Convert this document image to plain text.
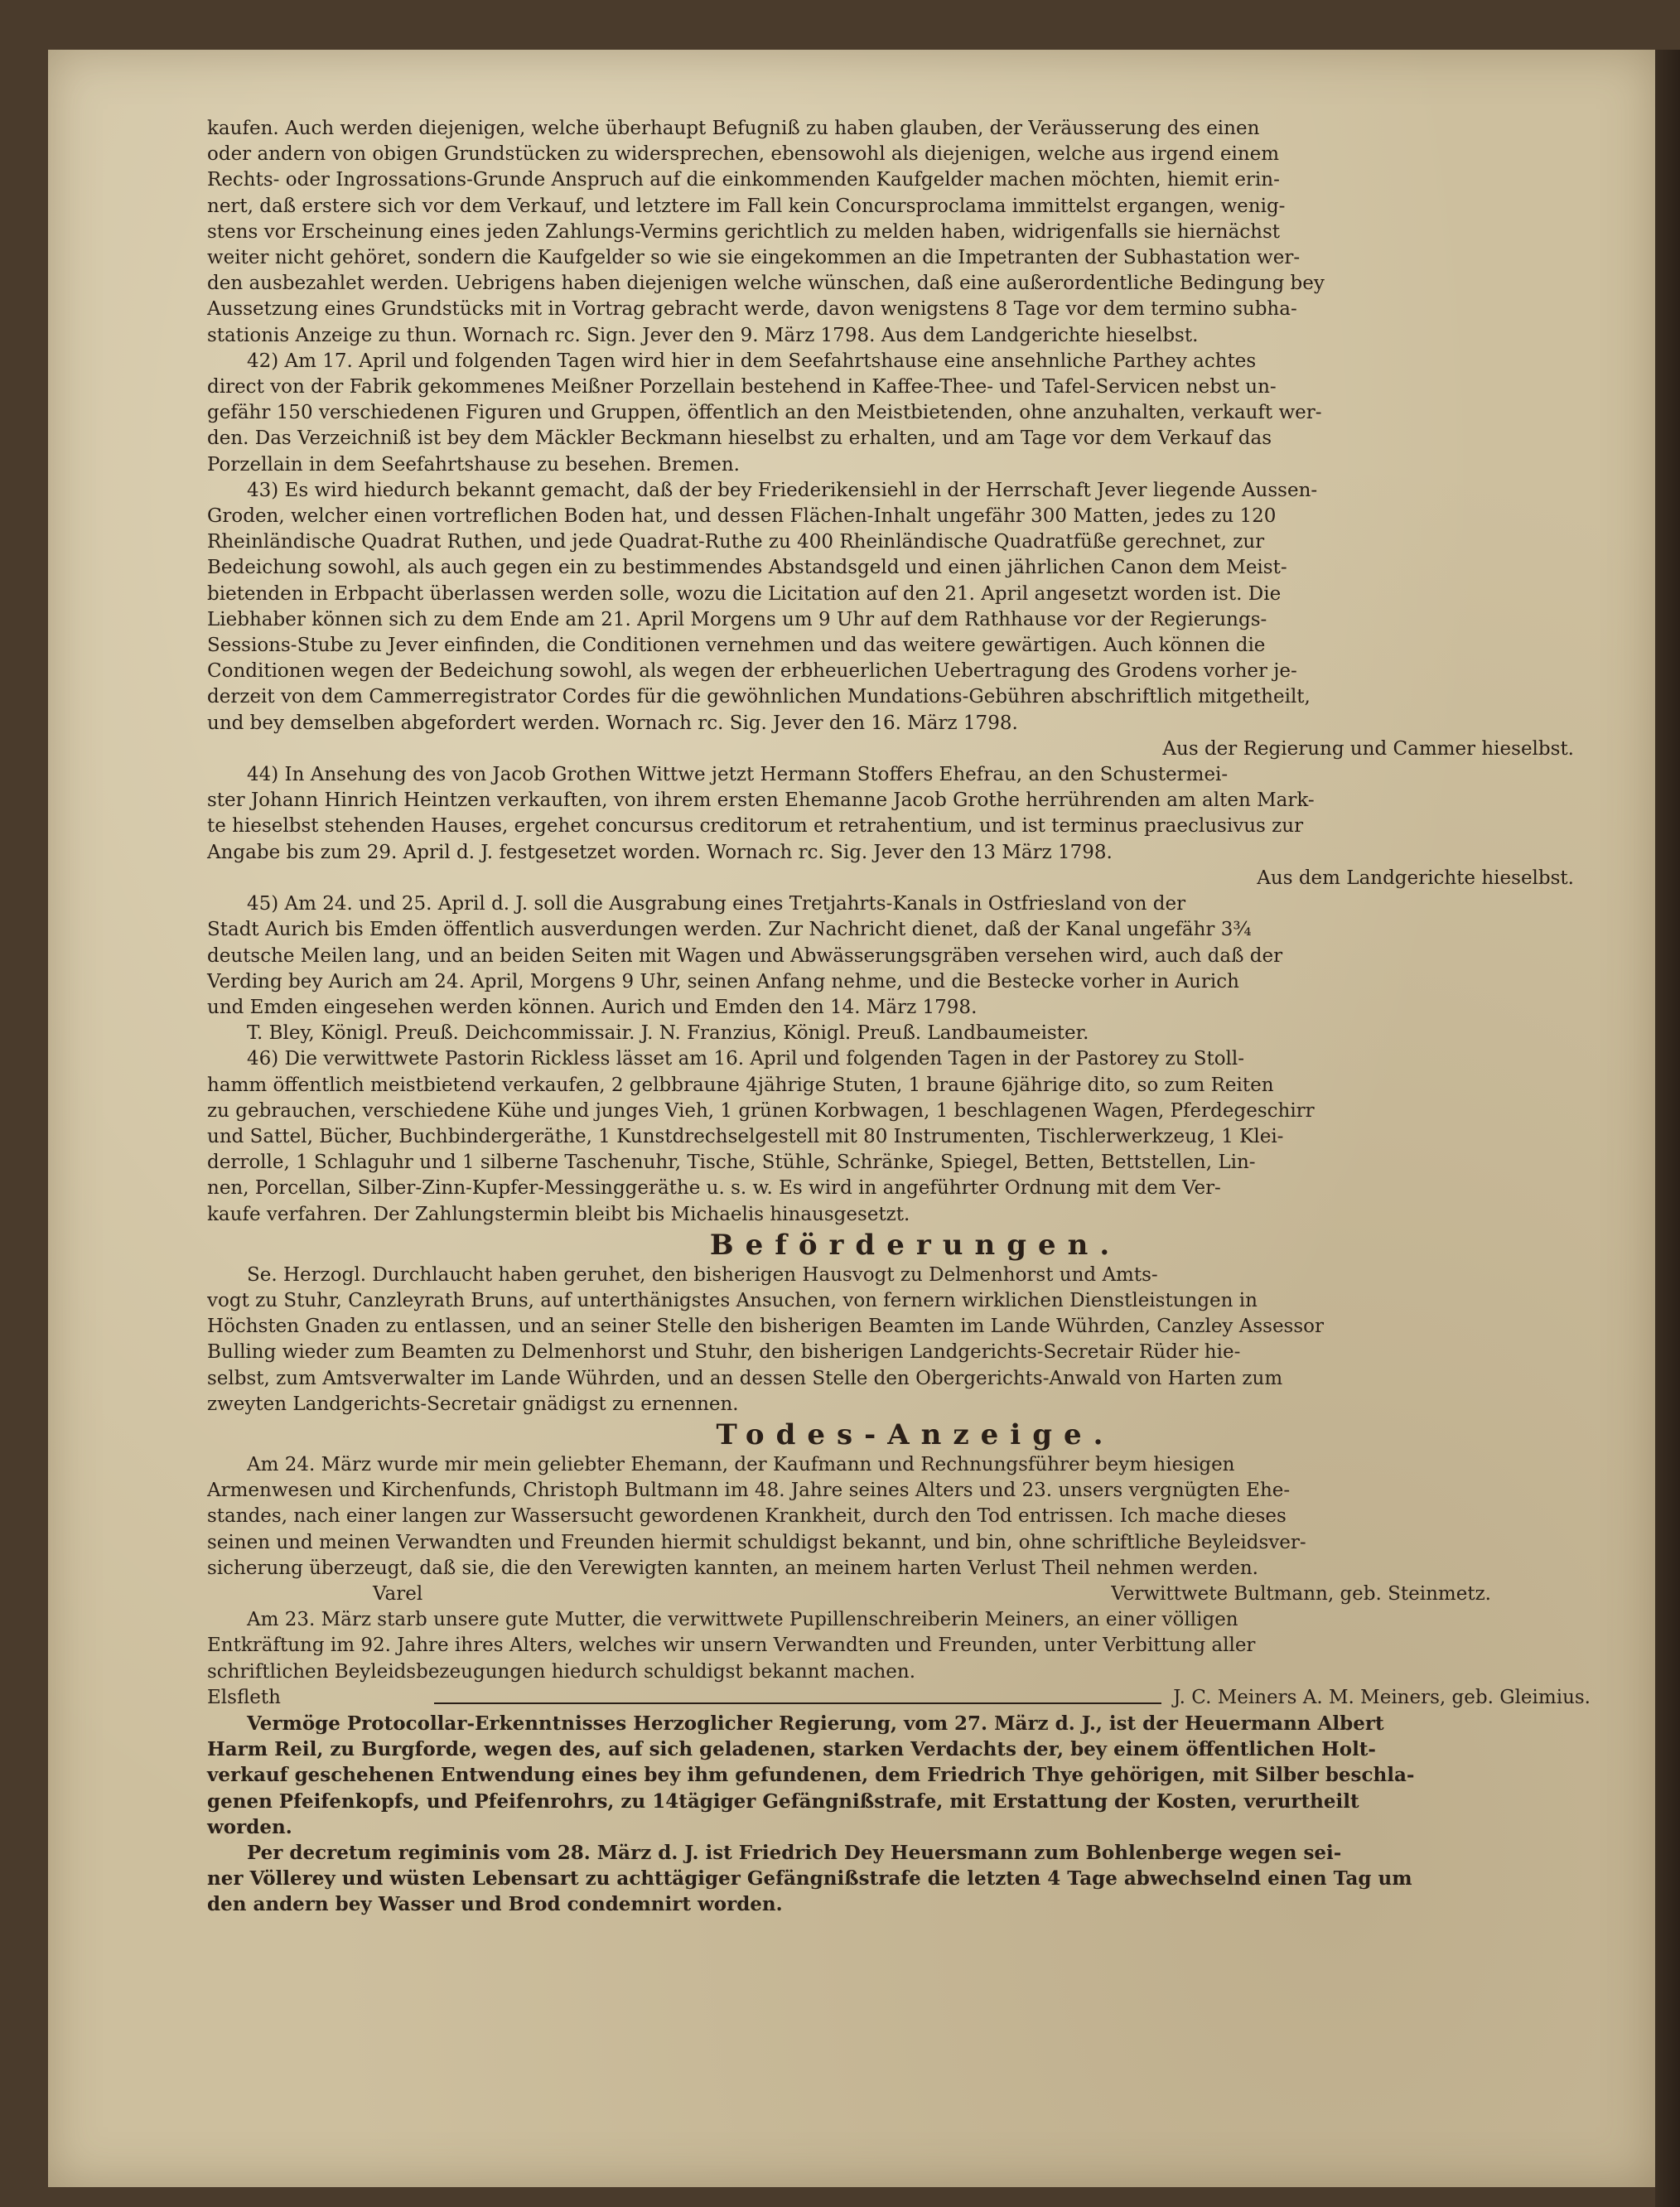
kaufen. Auch werden diejenigen, welche überhaupt Befugniß zu haben glauben, der Veräusserung des einen

oder andern von obigen Grundstücken zu widersprechen, ebensowohl als diejenigen, welche aus irgend einem

Rechts- oder Ingrossations-Grunde Anspruch auf die einkommenden Kaufgelder machen möchten, hiemit erin-

nert, daß erstere sich vor dem Verkauf, und letztere im Fall kein Concursproclama immittelst ergangen, wenig-

stens vor Erscheinung eines jeden Zahlungs-Vermins gerichtlich zu melden haben, widrigenfalls sie hiernächst

weiter nicht gehöret, sondern die Kaufgelder so wie sie eingekommen an die Impetranten der Subhastation wer-

den ausbezahlet werden. Uebrigens haben diejenigen welche wünschen, daß eine außerordentliche Bedingung bey

Aussetzung eines Grundstücks mit in Vortrag gebracht werde, davon wenigstens 8 Tage vor dem termino subha-

stationis Anzeige zu thun. Wornach rc. Sign. Jever den 9. März 1798. Aus dem Landgerichte hieselbst.

42) Am 17. April und folgenden Tagen wird hier in dem Seefahrtshause eine ansehnliche Parthey achtes

direct von der Fabrik gekommenes Meißner Porzellain bestehend in Kaffee-Thee- und Tafel-Servicen nebst un-

gefähr 150 verschiedenen Figuren und Gruppen, öffentlich an den Meistbietenden, ohne anzuhalten, verkauft wer-

den. Das Verzeichniß ist bey dem Mäckler Beckmann hieselbst zu erhalten, und am Tage vor dem Verkauf das

Porzellain in dem Seefahrtshause zu besehen. Bremen.

43) Es wird hiedurch bekannt gemacht, daß der bey Friederikensiehl in der Herrschaft Jever liegende Aussen-

Groden, welcher einen vortreflichen Boden hat, und dessen Flächen-Inhalt ungefähr 300 Matten, jedes zu 120

Rheinländische Quadrat Ruthen, und jede Quadrat-Ruthe zu 400 Rheinländische Quadratfüße gerechnet, zur

Bedeichung sowohl, als auch gegen ein zu bestimmendes Abstandsgeld und einen jährlichen Canon dem Meist-

bietenden in Erbpacht überlassen werden solle, wozu die Licitation auf den 21. April angesetzt worden ist. Die

Liebhaber können sich zu dem Ende am 21. April Morgens um 9 Uhr auf dem Rathhause vor der Regierungs-

Sessions-Stube zu Jever einfinden, die Conditionen vernehmen und das weitere gewärtigen. Auch können die

Conditionen wegen der Bedeichung sowohl, als wegen der erbheuerlichen Uebertragung des Grodens vorher je-

derzeit von dem Cammerregistrator Cordes für die gewöhnlichen Mundations-Gebühren abschriftlich mitgetheilt,

und bey demselben abgefordert werden. Wornach rc. Sig. Jever den 16. März 1798.

Aus der Regierung und Cammer hieselbst.

44) In Ansehung des von Jacob Grothen Wittwe jetzt Hermann Stoffers Ehefrau, an den Schustermei-

ster Johann Hinrich Heintzen verkauften, von ihrem ersten Ehemanne Jacob Grothe herrührenden am alten Mark-

te hieselbst stehenden Hauses, ergehet concursus creditorum et retrahentium, und ist terminus praeclusivus zur

Angabe bis zum 29. April d. J. festgesetzet worden. Wornach rc. Sig. Jever den 13 März 1798.

Aus dem Landgerichte hieselbst.

45) Am 24. und 25. April d. J. soll die Ausgrabung eines Tretjahrts-Kanals in Ostfriesland von der

Stadt Aurich bis Emden öffentlich ausverdungen werden. Zur Nachricht dienet, daß der Kanal ungefähr 3¾

deutsche Meilen lang, und an beiden Seiten mit Wagen und Abwässerungsgräben versehen wird, auch daß der

Verding bey Aurich am 24. April, Morgens 9 Uhr, seinen Anfang nehme, und die Bestecke vorher in Aurich

und Emden eingesehen werden können. Aurich und Emden den 14. März 1798.

T. Bley, Königl. Preuß. Deichcommissair. J. N. Franzius, Königl. Preuß. Landbaumeister.

46) Die verwittwete Pastorin Rickless lässet am 16. April und folgenden Tagen in der Pastorey zu Stoll-

hamm öffentlich meistbietend verkaufen, 2 gelbbraune 4jährige Stuten, 1 braune 6jährige dito, so zum Reiten

zu gebrauchen, verschiedene Kühe und junges Vieh, 1 grünen Korbwagen, 1 beschlagenen Wagen, Pferdegeschirr

und Sattel, Bücher, Buchbindergeräthe, 1 Kunstdrechselgestell mit 80 Instrumenten, Tischlerwerkzeug, 1 Klei-

derrolle, 1 Schlaguhr und 1 silberne Taschenuhr, Tische, Stühle, Schränke, Spiegel, Betten, Bettstellen, Lin-

nen, Porcellan, Silber-Zinn-Kupfer-Messinggeräthe u. s. w. Es wird in angeführter Ordnung mit dem Ver-

kaufe verfahren. Der Zahlungstermin bleibt bis Michaelis hinausgesetzt.

Beförderungen.

Se. Herzogl. Durchlaucht haben geruhet, den bisherigen Hausvogt zu Delmenhorst und Amts-

vogt zu Stuhr, Canzleyrath Bruns, auf unterthänigstes Ansuchen, von fernern wirklichen Dienstleistungen in

Höchsten Gnaden zu entlassen, und an seiner Stelle den bisherigen Beamten im Lande Wührden, Canzley Assessor

Bulling wieder zum Beamten zu Delmenhorst und Stuhr, den bisherigen Landgerichts-Secretair Rüder hie-

selbst, zum Amtsverwalter im Lande Wührden, und an dessen Stelle den Obergerichts-Anwald von Harten zum

zweyten Landgerichts-Secretair gnädigst zu ernennen.

Todes-Anzeige.

Am 24. März wurde mir mein geliebter Ehemann, der Kaufmann und Rechnungsführer beym hiesigen

Armenwesen und Kirchenfunds, Christoph Bultmann im 48. Jahre seines Alters und 23. unsers vergnügten Ehe-

standes, nach einer langen zur Wassersucht gewordenen Krankheit, durch den Tod entrissen. Ich mache dieses

seinen und meinen Verwandten und Freunden hiermit schuldigst bekannt, und bin, ohne schriftliche Beyleidsver-

sicherung überzeugt, daß sie, die den Verewigten kannten, an meinem harten Verlust Theil nehmen werden.

Varel	Verwittwete Bultmann, geb. Steinmetz.

Am 23. März starb unsere gute Mutter, die verwittwete Pupillenschreiberin Meiners, an einer völligen

Entkräftung im 92. Jahre ihres Alters, welches wir unsern Verwandten und Freunden, unter Verbittung aller

schriftlichen Beyleidsbezeugungen hiedurch schuldigst bekannt machen.

Elsfleth	J. C. Meiners A. M. Meiners, geb. Gleimius.

Vermöge Protocollar-Erkenntnisses Herzoglicher Regierung, vom 27. März d. J., ist der Heuermann Albert

Harm Reil, zu Burgforde, wegen des, auf sich geladenen, starken Verdachts der, bey einem öffentlichen Holt-

verkauf geschehenen Entwendung eines bey ihm gefundenen, dem Friedrich Thye gehörigen, mit Silber beschla-

genen Pfeifenkopfs, und Pfeifenrohrs, zu 14tägiger Gefängnißstrafe, mit Erstattung der Kosten, verurtheilt

worden.

Per decretum regiminis vom 28. März d. J. ist Friedrich Dey Heuersmann zum Bohlenberge wegen sei-

ner Völlerey und wüsten Lebensart zu achttägiger Gefängnißstrafe die letzten 4 Tage abwechselnd einen Tag um

den andern bey Wasser und Brod condemnirt worden.
